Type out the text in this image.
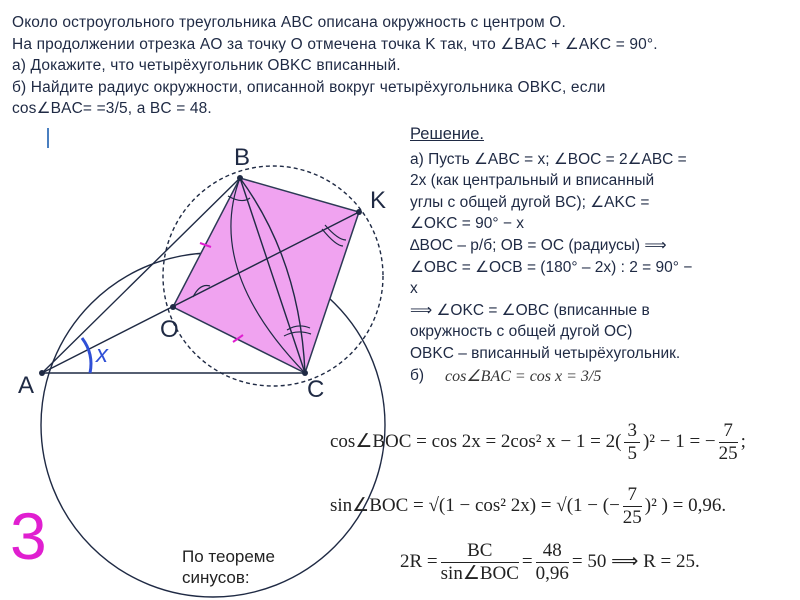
Около остроугольного треугольника ABC описана окружность с центром O.
На продолжении отрезка AO за точку O отмечена точка K так, что ∠BAC + ∠AKC = 90°.
а) Докажите, что четырёхугольник OBKC вписанный.
б) Найдите радиус окружности, описанной вокруг четырёхугольника OBKC, если
cos∠BAC= =3/5, а BC = 48.
B
K
O
A	C
x
Решение.
а) Пусть ∠ABC = x; ∠BOC = 2∠ABC =
2x (как центральный и вписанный
углы с общей дугой BC); ∠AKC =
∠OKC = 90° − x
∆BOC – р/б; OB = OC (радиусы) ⟹
∠OBC = ∠OCB = (180° – 2x) : 2 = 90° −
x
⟹ ∠OKC = ∠OBC (вписанные в
окружность с общей дугой OC)
OBKC – вписанный четырёхугольник.
б)	cos∠BAC = cos x = 3/5
cos∠BOC = cos 2x = 2cos² $x - 1 = 2( \frac{3}{5} )^2 - 1$ = − $\frac{7}{25}$ ;
sin∠BOC = √(1 − cos² 2x) = √(1 − (− $\frac{7}{25} )^2$ ) = 0,96.
$2R = \frac{BC}{\text{sin∠BOC}} = \frac{48}{0,96} = 50$ ⟹ R = 25.
3	По теореме
синусов:
